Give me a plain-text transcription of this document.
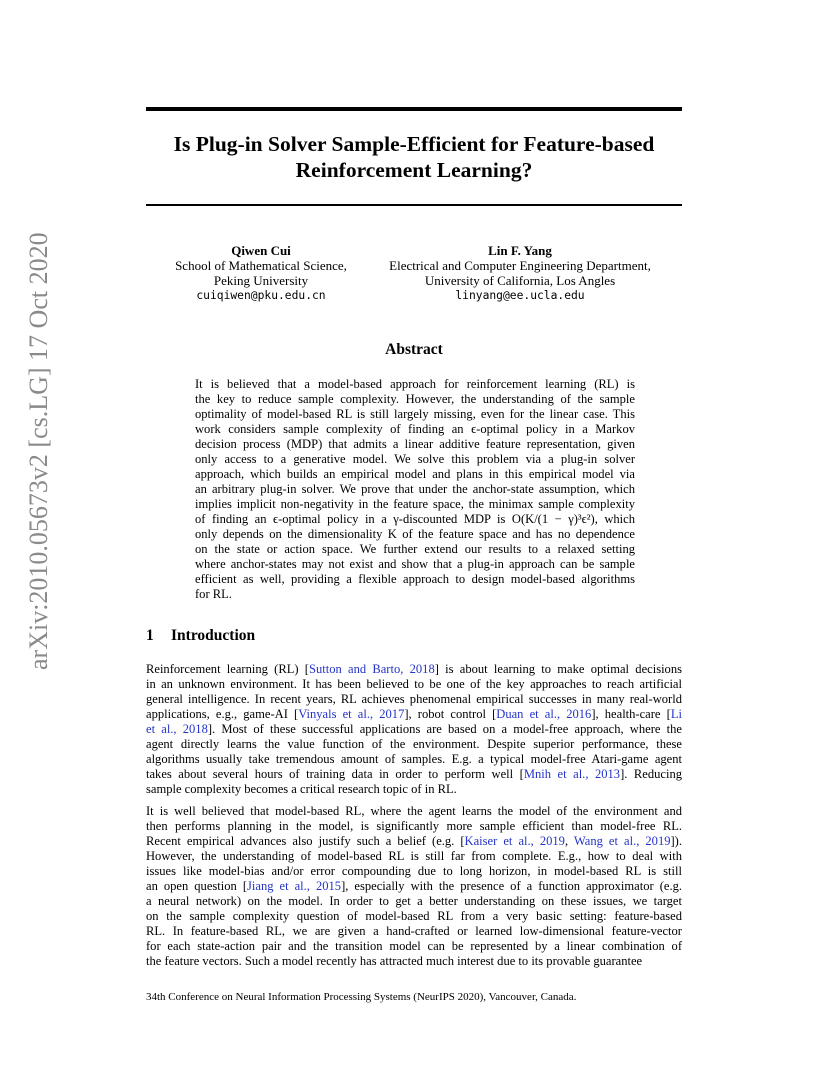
Is Plug-in Solver Sample-Efficient for Feature-based
Reinforcement Learning?
Qiwen Cui
School of Mathematical Science,
Peking University
cuiqiwen@pku.edu.cn
Lin F. Yang
Electrical and Computer Engineering Department,
University of California, Los Angles
linyang@ee.ucla.edu
arXiv:2010.05673v2 [cs.LG] 17 Oct 2020	Abstract
It is believed that a model-based approach for reinforcement learning (RL) is
the key to reduce sample complexity. However, the understanding of the sample
optimality of model-based RL is still largely missing, even for the linear case. This
work considers sample complexity of finding an ϵ-optimal policy in a Markov
decision process (MDP) that admits a linear additive feature representation, given
only access to a generative model. We solve this problem via a plug-in solver
approach, which builds an empirical model and plans in this empirical model via
an arbitrary plug-in solver. We prove that under the anchor-state assumption, which
implies implicit non-negativity in the feature space, the minimax sample complexity
of finding an ϵ-optimal policy in a γ-discounted MDP is O(K/(1 − γ)³ϵ²), which
only depends on the dimensionality K of the feature space and has no dependence
on the state or action space. We further extend our results to a relaxed setting
where anchor-states may not exist and show that a plug-in approach can be sample
efficient as well, providing a flexible approach to design model-based algorithms
for RL.
1 Introduction
Reinforcement learning (RL) [Sutton and Barto, 2018] is about learning to make optimal decisions
in an unknown environment. It has been believed to be one of the key approaches to reach artificial
general intelligence. In recent years, RL achieves phenomenal empirical successes in many real-world
applications, e.g., game-AI [Vinyals et al., 2017], robot control [Duan et al., 2016], health-care [Li
et al., 2018]. Most of these successful applications are based on a model-free approach, where the
agent directly learns the value function of the environment. Despite superior performance, these
algorithms usually take tremendous amount of samples. E.g. a typical model-free Atari-game agent
takes about several hours of training data in order to perform well [Mnih et al., 2013]. Reducing
sample complexity becomes a critical research topic of in RL.
It is well believed that model-based RL, where the agent learns the model of the environment and
then performs planning in the model, is significantly more sample efficient than model-free RL.
Recent empirical advances also justify such a belief (e.g. [Kaiser et al., 2019, Wang et al., 2019]).
However, the understanding of model-based RL is still far from complete. E.g., how to deal with
issues like model-bias and/or error compounding due to long horizon, in model-based RL is still
an open question [Jiang et al., 2015], especially with the presence of a function approximator (e.g.
a neural network) on the model. In order to get a better understanding on these issues, we target
on the sample complexity question of model-based RL from a very basic setting: feature-based
RL. In feature-based RL, we are given a hand-crafted or learned low-dimensional feature-vector
for each state-action pair and the transition model can be represented by a linear combination of
the feature vectors. Such a model recently has attracted much interest due to its provable guarantee
34th Conference on Neural Information Processing Systems (NeurIPS 2020), Vancouver, Canada.
